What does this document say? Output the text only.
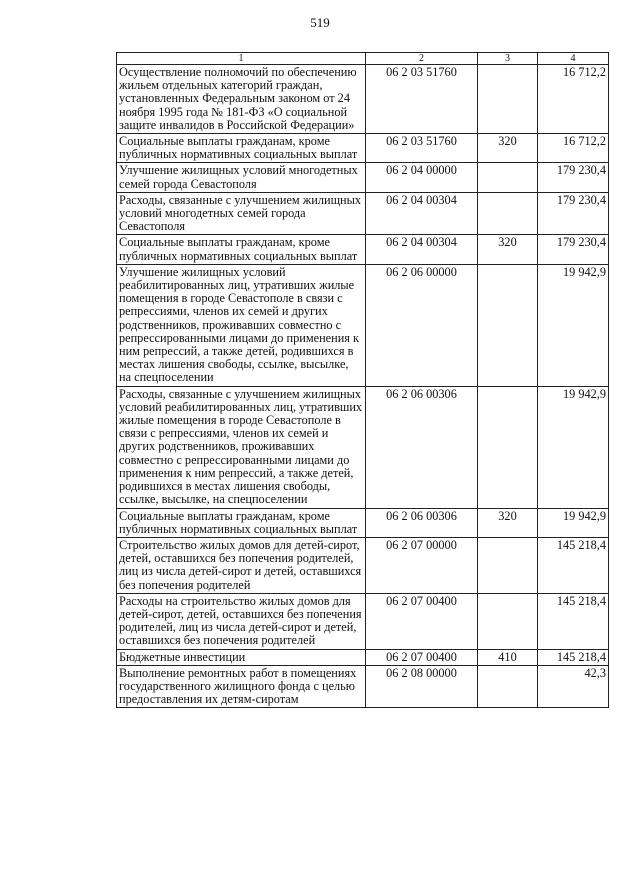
519
1	2	3	4
Осуществление полномочий по обеспечению жильем отдельных категорий граждан, установленных Федеральным законом от 24 ноября 1995 года № 181-ФЗ «О социальной защите инвалидов в Российской Федерации»	06 2 03 51760		16 712,2
Социальные выплаты гражданам, кроме публичных нормативных социальных выплат	06 2 03 51760	320	16 712,2
Улучшение жилищных условий многодетных семей города Севастополя	06 2 04 00000		179 230,4
Расходы, связанные с улучшением жилищных условий многодетных семей города Севастополя	06 2 04 00304		179 230,4
Социальные выплаты гражданам, кроме публичных нормативных социальных выплат	06 2 04 00304	320	179 230,4
Улучшение жилищных условий реабилитированных лиц, утративших жилые помещения в городе Севастополе в связи с репрессиями, членов их семей и других родственников, проживавших совместно с репрессированными лицами до применения к ним репрессий, а также детей, родившихся в местах лишения свободы, ссылке, высылке, на спецпоселении	06 2 06 00000		19 942,9
Расходы, связанные с улучшением жилищных условий реабилитированных лиц, утративших жилые помещения в городе Севастополе в связи с репрессиями, членов их семей и других родственников, проживавших совместно с репрессированными лицами до применения к ним репрессий, а также детей, родившихся в местах лишения свободы, ссылке, высылке, на спецпоселении	06 2 06 00306		19 942,9
Социальные выплаты гражданам, кроме публичных нормативных социальных выплат	06 2 06 00306	320	19 942,9
Строительство жилых домов для детей-сирот, детей, оставшихся без попечения родителей, лиц из числа детей-сирот и детей, оставшихся без попечения родителей	06 2 07 00000		145 218,4
Расходы на строительство жилых домов для детей-сирот, детей, оставшихся без попечения родителей, лиц из числа детей-сирот и детей, оставшихся без попечения родителей	06 2 07 00400		145 218,4
Бюджетные инвестиции	06 2 07 00400	410	145 218,4
Выполнение ремонтных работ в помещениях государственного жилищного фонда с целью предоставления их детям-сиротам	06 2 08 00000		42,3
